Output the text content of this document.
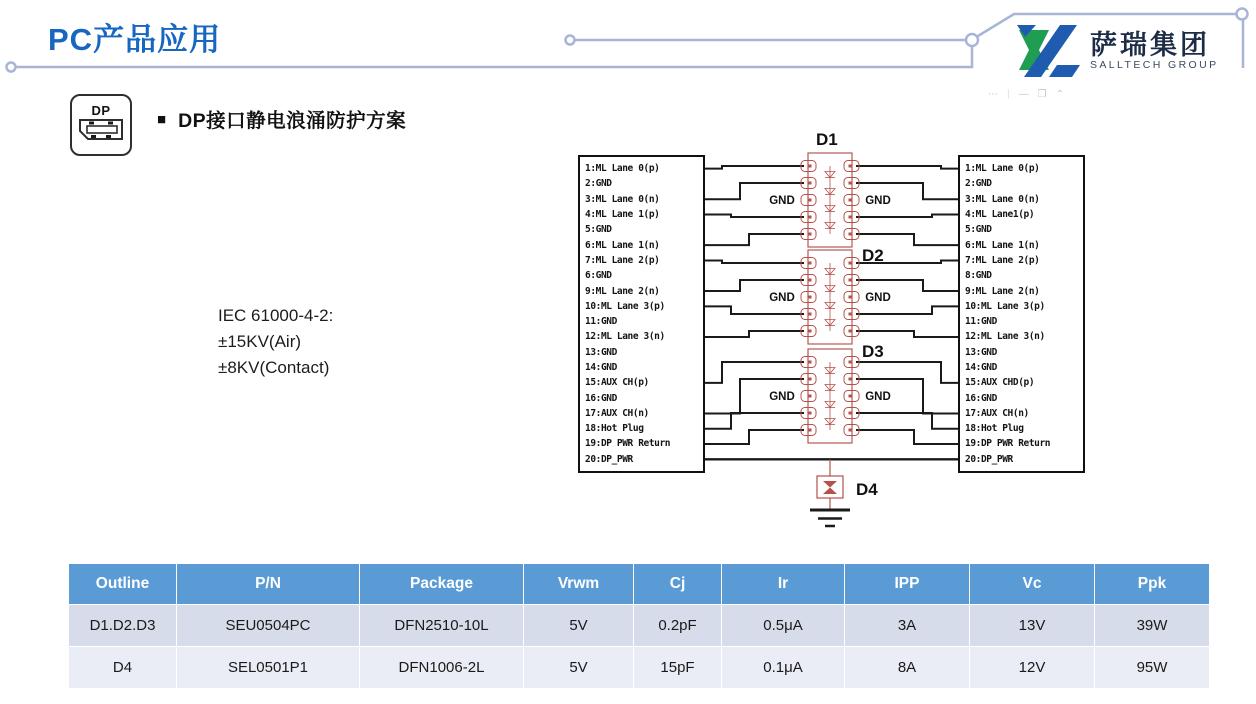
PC产品应用	萨瑞集团
SALLTECH GROUP
⋯ | — ❐ ⌃
DP	■ DP接口静电浪涌防护方案
IEC 61000-4-2:
±15KV(Air)
±8KV(Contact)
GND	GND
D1
GND	GND
D2
GND	GND
D3
D4
1:ML Lane 0(p)
2:GND
3:ML Lane 0(n)
4:ML Lane 1(p)
5:GND
6:ML Lane 1(n)
7:ML Lane 2(p)
6:GND
9:ML Lane 2(n)
10:ML Lane 3(p)
11:GND
12:ML Lane 3(n)
13:GND
14:GND
15:AUX CH(p)
16:GND
17:AUX CH(n)
18:Hot Plug
19:DP PWR Return
20:DP_PWR
1:ML Lane 0(p)
2:GND
3:ML Lane 0(n)
4:ML Lane1(p)
5:GND
6:ML Lane 1(n)
7:ML Lane 2(p)
8:GND
9:ML Lane 2(n)
10:ML Lane 3(p)
11:GND
12:ML Lane 3(n)
13:GND
14:GND
15:AUX CHD(p)
16:GND
17:AUX CH(n)
18:Hot Plug
19:DP PWR Return
20:DP_PWR
Outline	P/N	Package	Vrwm	Cj	Ir	IPP	Vc	Ppk
D1.D2.D3	SEU0504PC	DFN2510-10L	5V	0.2pF	0.5μA	3A	13V	39W
D4	SEL0501P1	DFN1006-2L	5V	15pF	0.1μA	8A	12V	95W
